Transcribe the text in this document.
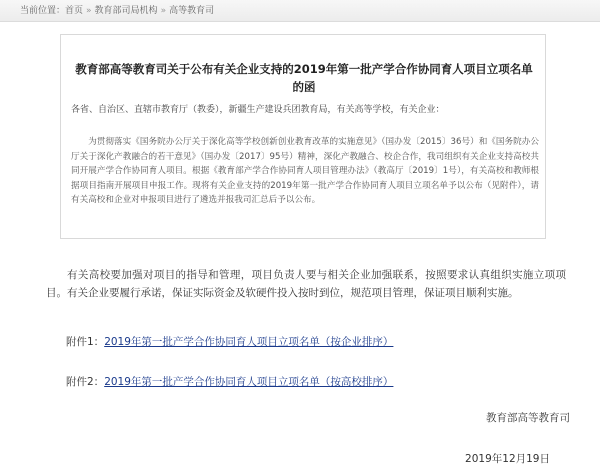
当前位置：首页 » 教育部司局机构 » 高等教育司
教育部高等教育司关于公布有关企业支持的2019年第一批产学合作协同育人项目立项名单
的函
各省、自治区、直辖市教育厅（教委），新疆生产建设兵团教育局，有关高等学校，有关企业：
为贯彻落实《国务院办公厅关于深化高等学校创新创业教育改革的实施意见》（国办发〔2015〕36号）和《国务院办公厅关于深化产教融合的若干意见》（国办发〔2017〕95号）精神，深化产教融合、校企合作，我司组织有关企业支持高校共同开展产学合作协同育人项目。根据《教育部产学合作协同育人项目管理办法》（教高厅〔2019〕1号），有关高校和教师根据项目指南开展项目申报工作。现将有关企业支持的2019年第一批产学合作协同育人项目立项名单予以公布（见附件），请有关高校和企业对申报项目进行了遴选并报我司汇总后予以公布。
有关高校要加强对项目的指导和管理，项目负责人要与相关企业加强联系，按照要求认真组织实施立项项目。有关企业要履行承诺，保证实际资金及软硬件投入按时到位，规范项目管理，保证项目顺利实施。
附件1：2019年第一批产学合作协同育人项目立项名单（按企业排序）
附件2：2019年第一批产学合作协同育人项目立项名单（按高校排序）
教育部高等教育司
2019年12月19日
